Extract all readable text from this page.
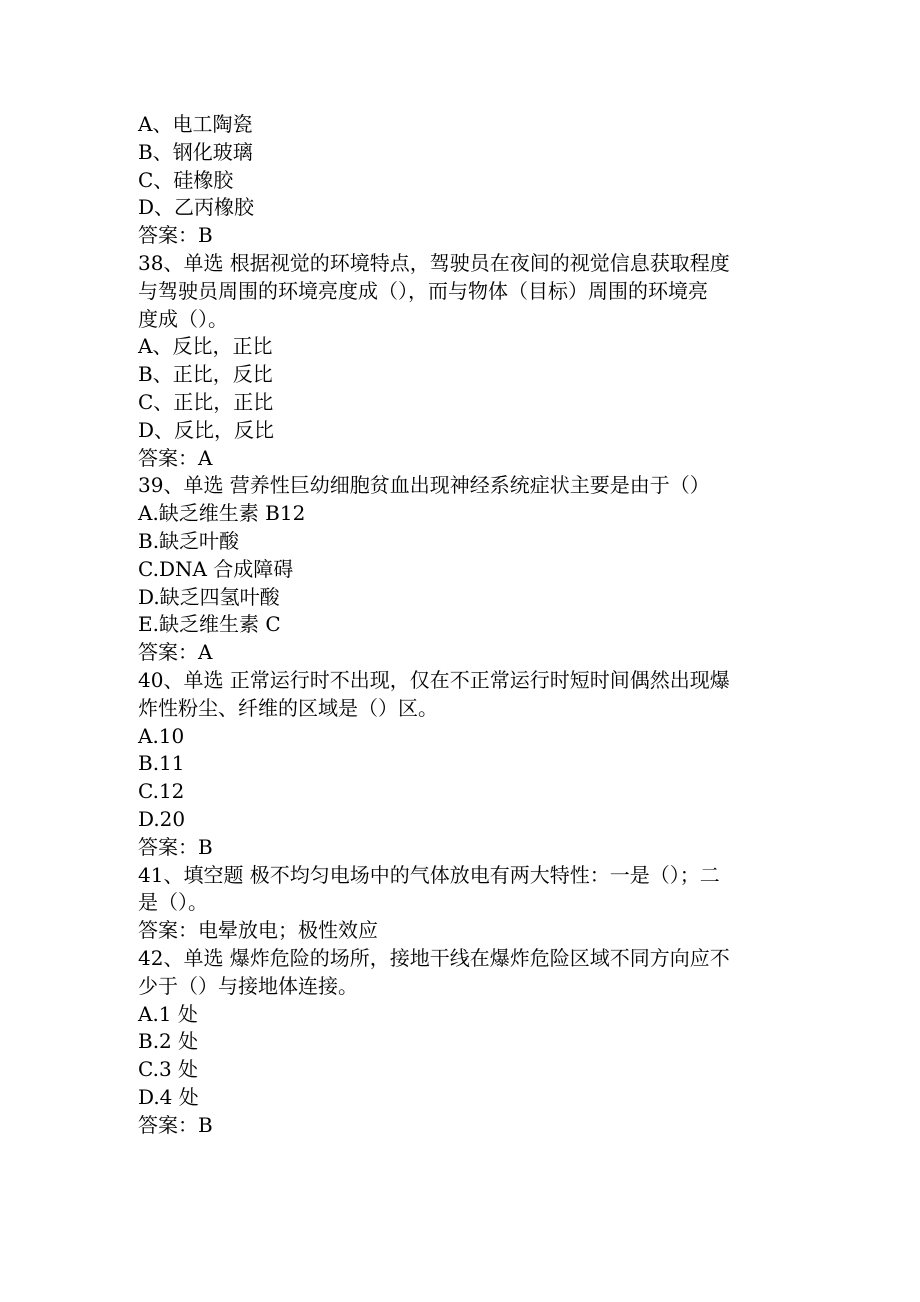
A、电工陶瓷
B、钢化玻璃
C、硅橡胶
D、乙丙橡胶
答案：B
38、单选 根据视觉的环境特点，驾驶员在夜间的视觉信息获取程度
与驾驶员周围的环境亮度成（），而与物体（目标）周围的环境亮
度成（）。
A、反比，正比
B、正比，反比
C、正比，正比
D、反比，反比
答案：A
39、单选 营养性巨幼细胞贫血出现神经系统症状主要是由于（）
A.缺乏维生素 B12
B.缺乏叶酸
C.DNA 合成障碍
D.缺乏四氢叶酸
E.缺乏维生素 C
答案：A
40、单选 正常运行时不出现，仅在不正常运行时短时间偶然出现爆
炸性粉尘、纤维的区域是（）区。
A.10
B.11
C.12
D.20
答案：B
41、填空题 极不均匀电场中的气体放电有两大特性：一是（）；二
是（）。
答案：电晕放电；极性效应
42、单选 爆炸危险的场所，接地干线在爆炸危险区域不同方向应不
少于（）与接地体连接。
A.1 处
B.2 处
C.3 处
D.4 处
答案：B
